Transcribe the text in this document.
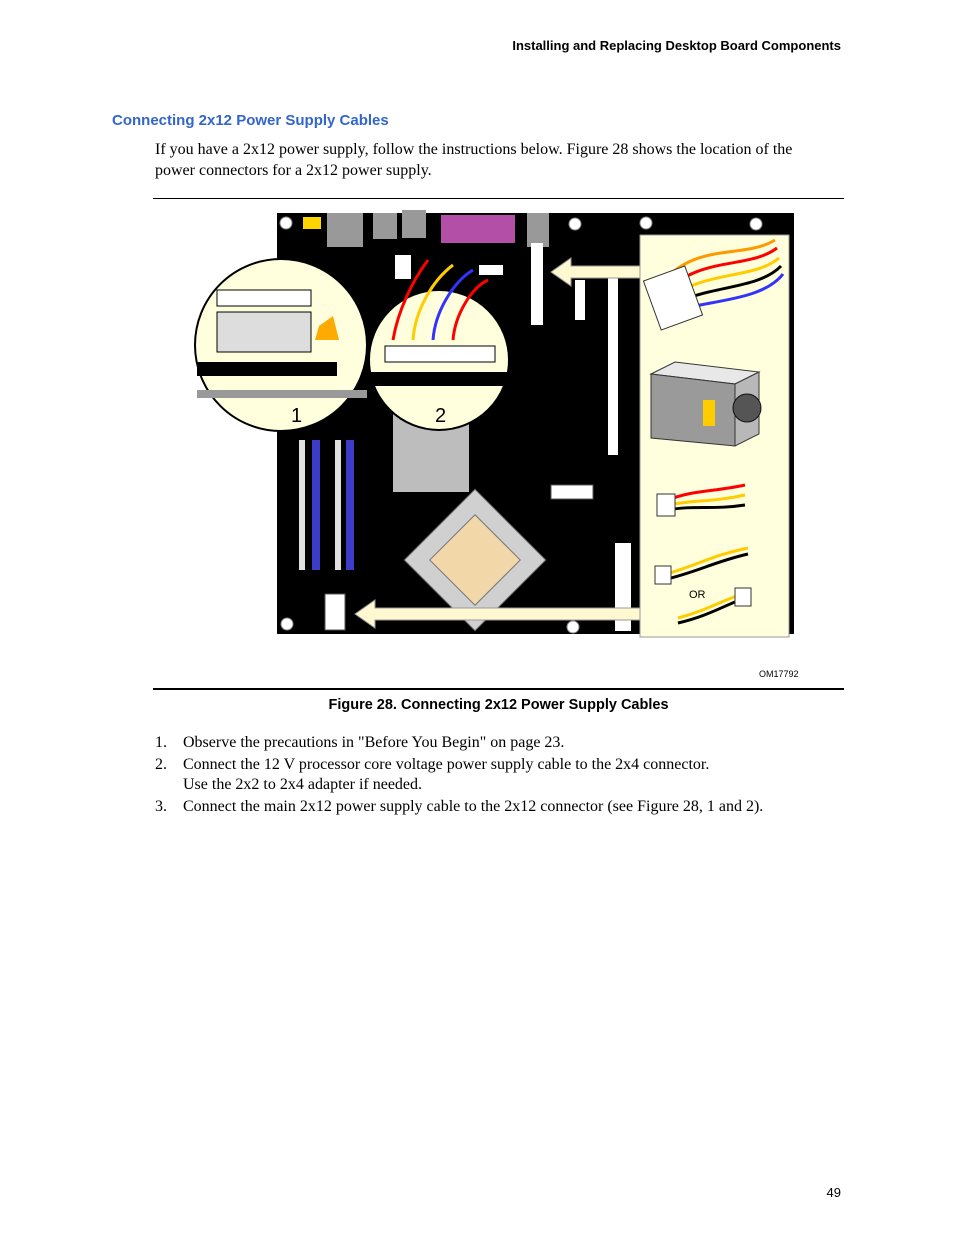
Installing and Replacing Desktop Board Components
Connecting 2x12 Power Supply Cables
If you have a 2x12 power supply, follow the instructions below. Figure 28 shows the location of the power connectors for a 2x12 power supply.
1	2
OR
OM17792
Figure 28. Connecting 2x12 Power Supply Cables
1.	Observe the precautions in "Before You Begin" on page 23.
2.	Connect the 12 V processor core voltage power supply cable to the 2x4 connector.
Use the 2x2 to 2x4 adapter if needed.
3.	Connect the main 2x12 power supply cable to the 2x12 connector (see Figure 28, 1 and 2).
49
